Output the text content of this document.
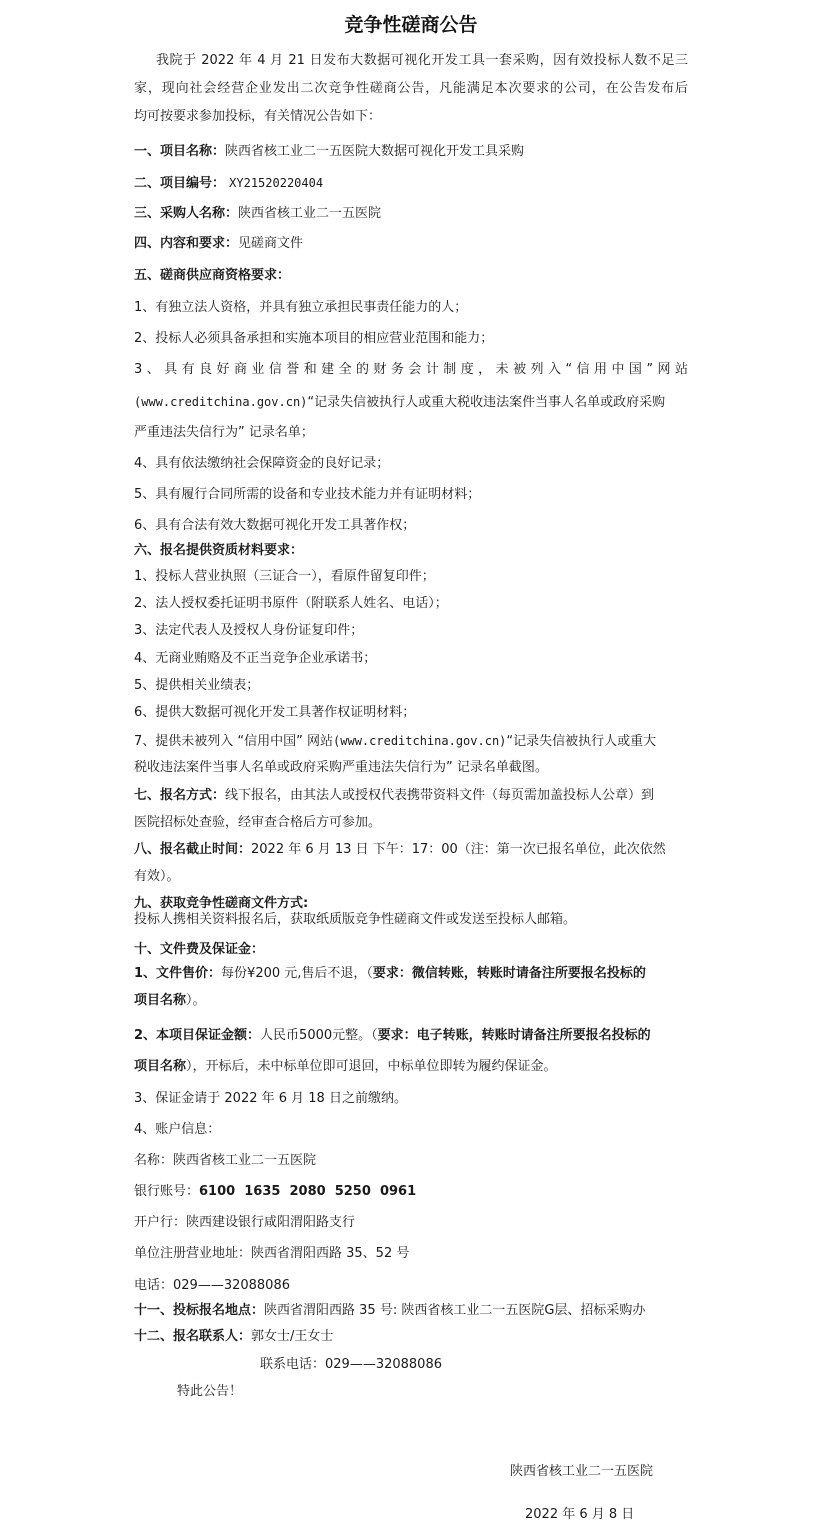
竞争性磋商公告
我院于 2022 年 4 月 21 日发布大数据可视化开发工具一套采购，因有效投标人数不足三
家，现向社会经营企业发出二次竞争性磋商公告，凡能满足本次要求的公司，在公告发布后
均可按要求参加投标，有关情况公告如下：
一、项目名称：陕西省核工业二一五医院大数据可视化开发工具采购
二、项目编号： XY21520220404
三、采购人名称：陕西省核工业二一五医院
四、内容和要求：见磋商文件
五、磋商供应商资格要求：
1、有独立法人资格，并具有独立承担民事责任能力的人；
2、投标人必须具备承担和实施本项目的相应营业范围和能力；
3、具有良好商业信誉和建全的财务会计制度，未被列入“信用中国”网站
(www.creditchina.gov.cn)“记录失信被执行人或重大税收违法案件当事人名单或政府采购
严重违法失信行为” 记录名单；
4、具有依法缴纳社会保障资金的良好记录；
5、具有履行合同所需的设备和专业技术能力并有证明材料；
6、具有合法有效大数据可视化开发工具著作权；
六、报名提供资质材料要求：
1、投标人营业执照（三证合一），看原件留复印件；
2、法人授权委托证明书原件（附联系人姓名、电话）；
3、法定代表人及授权人身份证复印件；
4、无商业贿赂及不正当竞争企业承诺书；
5、提供相关业绩表；
6、提供大数据可视化开发工具著作权证明材料；
7、提供未被列入 “信用中国” 网站(www.creditchina.gov.cn)“记录失信被执行人或重大
税收违法案件当事人名单或政府采购严重违法失信行为” 记录名单截图。
七、报名方式：线下报名，由其法人或授权代表携带资料文件（每页需加盖投标人公章）到
医院招标处查验，经审查合格后方可参加。
八、报名截止时间：2022 年 6 月 13 日 下午：17：00（注：第一次已报名单位，此次依然
有效）。
九、获取竞争性磋商文件方式:
投标人携相关资料报名后，获取纸质版竞争性磋商文件或发送至投标人邮箱。
十、文件费及保证金：
1、文件售价：每份¥200 元,售后不退，（要求：微信转账，转账时请备注所要报名投标的
项目名称）。
2、本项目保证金额：人民币5000元整。（要求：电子转账，转账时请备注所要报名投标的
项目名称），开标后，未中标单位即可退回，中标单位即转为履约保证金。
3、保证金请于 2022 年 6 月 18 日之前缴纳。
4、账户信息：
名称：陕西省核工业二一五医院
银行账号：6100  1635  2080  5250  0961
开户行：陕西建设银行咸阳渭阳路支行
单位注册营业地址：陕西省渭阳西路 35、52 号
电话：029——32088086
十一、投标报名地点：陕西省渭阳西路 35 号: 陕西省核工业二一五医院G层、招标采购办
十二、报名联系人：郭女士/王女士
联系电话：029——32088086
特此公告！
陕西省核工业二一五医院
2022 年 6 月 8 日
